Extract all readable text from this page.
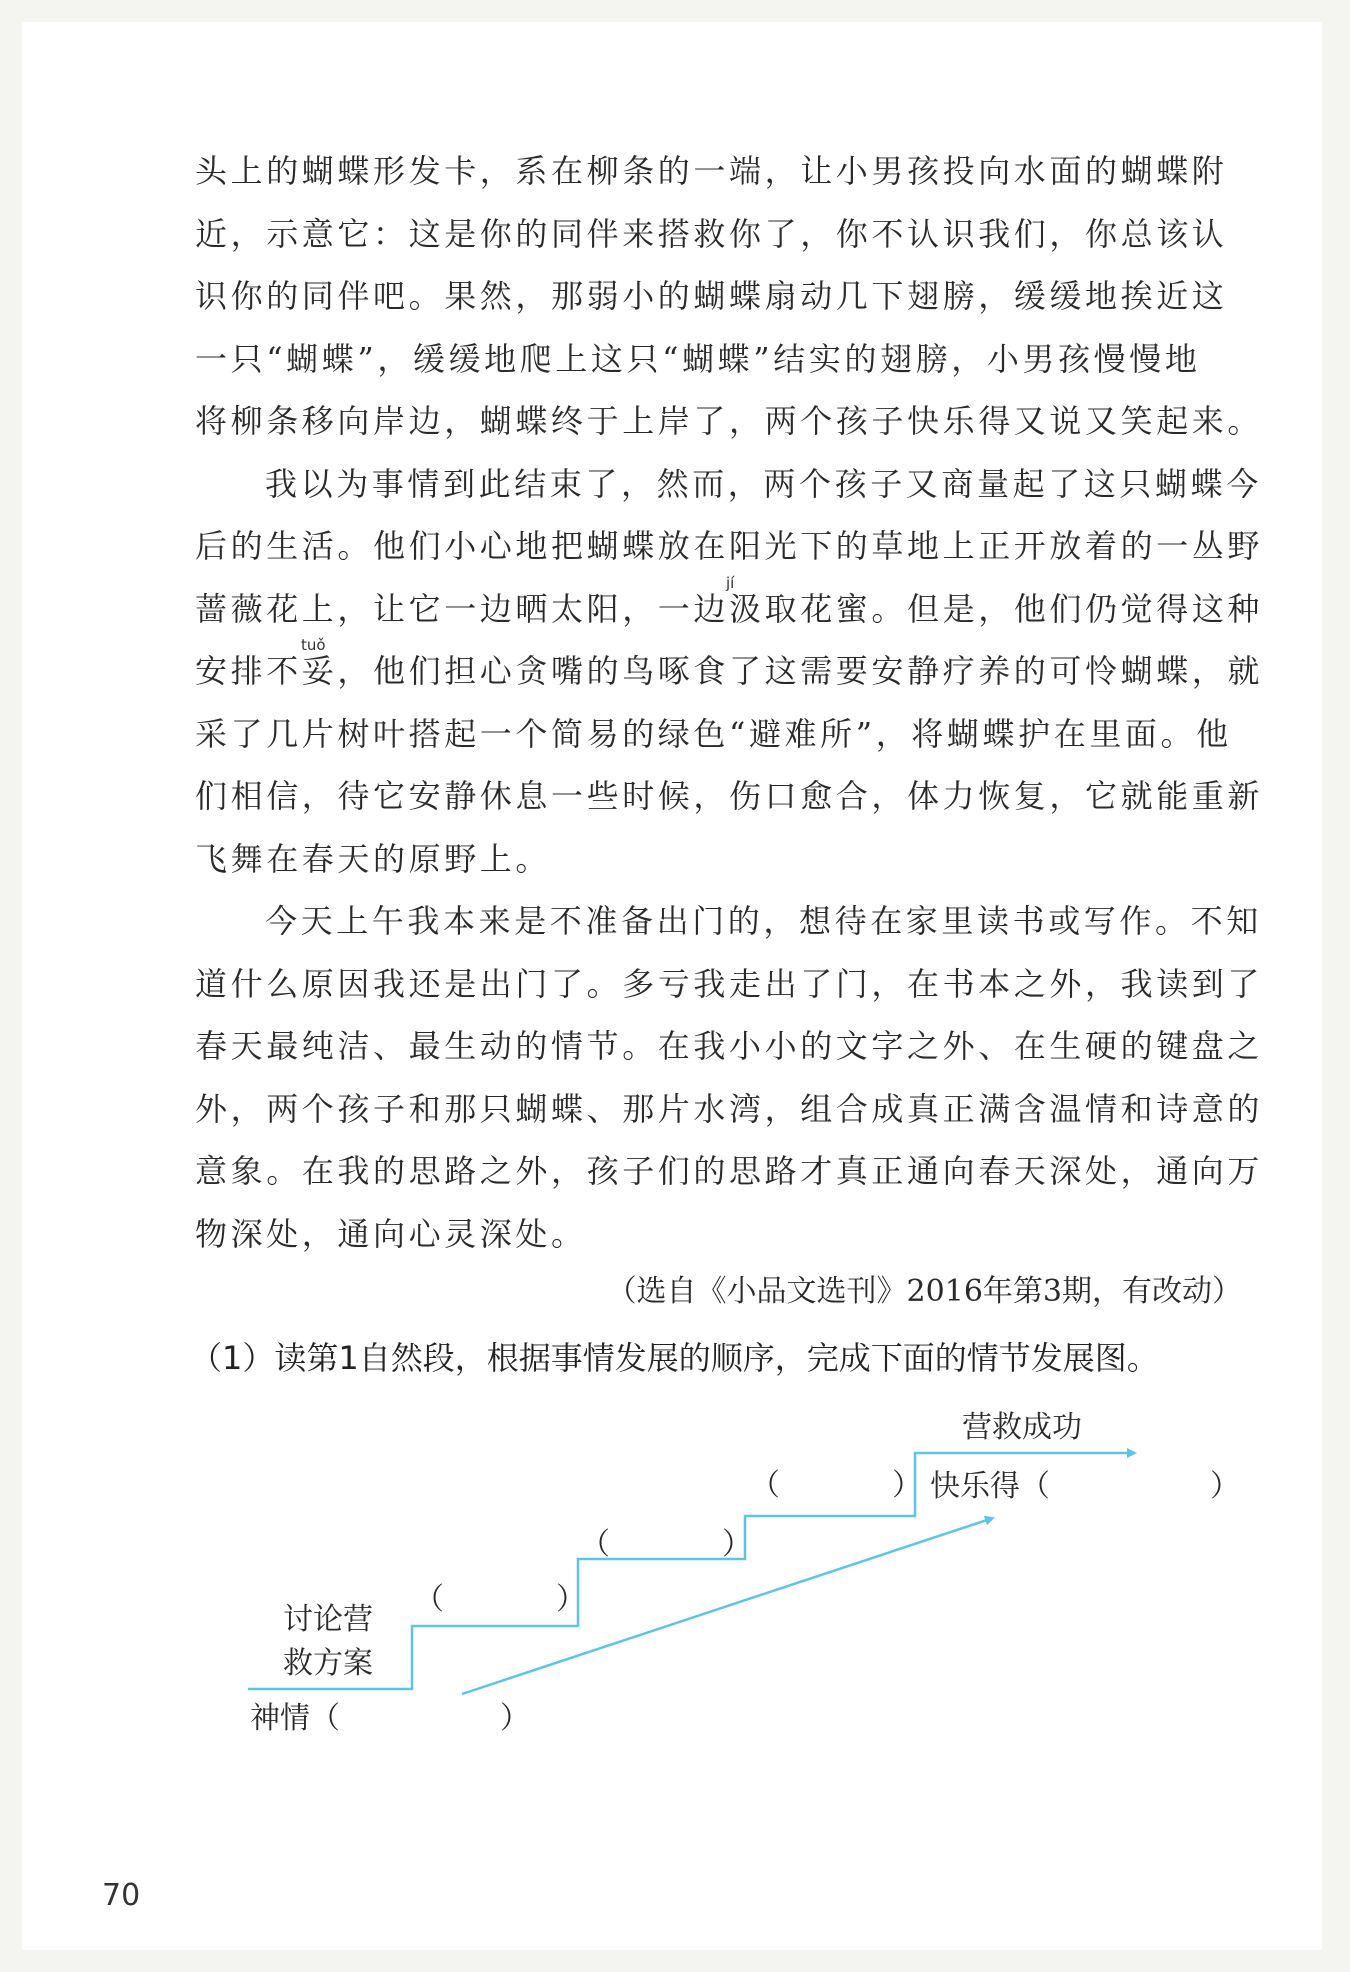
头上的蝴蝶形发卡，系在柳条的一端，让小男孩投向水面的蝴蝶附
近，示意它：这是你的同伴来搭救你了，你不认识我们，你总该认
识你的同伴吧。果然，那弱小的蝴蝶扇动几下翅膀，缓缓地挨近这
一只“蝴蝶”，缓缓地爬上这只“蝴蝶”结实的翅膀，小男孩慢慢地
将柳条移向岸边，蝴蝶终于上岸了，两个孩子快乐得又说又笑起来。
我以为事情到此结束了，然而，两个孩子又商量起了这只蝴蝶今
后的生活。他们小心地把蝴蝶放在阳光下的草地上正开放着的一丛野
jí
蔷薇花上，让它一边晒太阳，一边汲取花蜜。但是，他们仍觉得这种
tuǒ
安排不妥，他们担心贪嘴的鸟啄食了这需要安静疗养的可怜蝴蝶，就
采了几片树叶搭起一个简易的绿色“避难所”，将蝴蝶护在里面。他
们相信，待它安静休息一些时候，伤口愈合，体力恢复，它就能重新
飞舞在春天的原野上。
今天上午我本来是不准备出门的，想待在家里读书或写作。不知
道什么原因我还是出门了。多亏我走出了门，在书本之外，我读到了
春天最纯洁、最生动的情节。在我小小的文字之外、在生硬的键盘之
外，两个孩子和那只蝴蝶、那片水湾，组合成真正满含温情和诗意的
意象。在我的思路之外，孩子们的思路才真正通向春天深处，通向万
物深处，通向心灵深处。
（选自《小品文选刊》2016年第3期，有改动）
（1）读第1自然段，根据事情发展的顺序，完成下面的情节发展图。
讨论营
救方案
（	）
（	）
（	）
营救成功
快乐得（	）
神情（	）
70
